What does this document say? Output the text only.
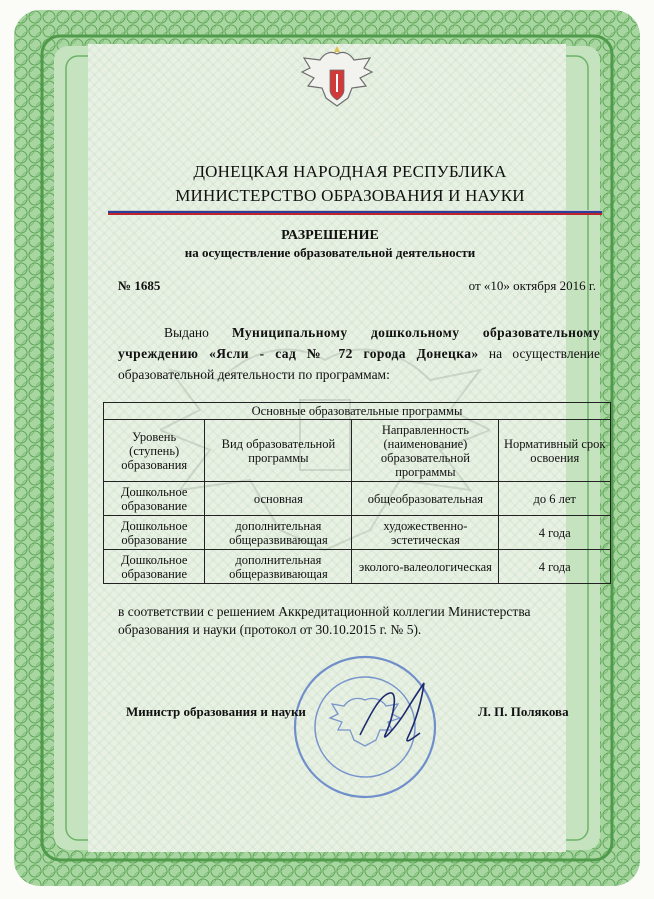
ДОНЕЦКАЯ НАРОДНАЯ РЕСПУБЛИКА
МИНИСТЕРСТВО ОБРАЗОВАНИЯ И НАУКИ
РАЗРЕШЕНИЕ
на осуществление образовательной деятельности
№ 1685	от «10» октября 2016 г.
Выдано Муниципальному дошкольному образовательному учреждению «Ясли - сад № 72 города Донецка» на осуществление образовательной деятельности по программам:
Основные образовательные программы			
Уровень (ступень) образования	Вид образовательной программы	Направленность (наименование) образовательной программы	Нормативный срок освоения
Дошкольное образование	основная	общеобразовательная	до 6 лет
Дошкольное образование	дополнительная общеразвивающая	художественно-эстетическая	4 года
Дошкольное образование	дополнительная общеразвивающая	эколого-валеологическая	4 года
в соответствии с решением Аккредитационной коллегии Министерства образования и науки (протокол от 30.10.2015 г. № 5).
Министр образования и науки	Л. П. Полякова
